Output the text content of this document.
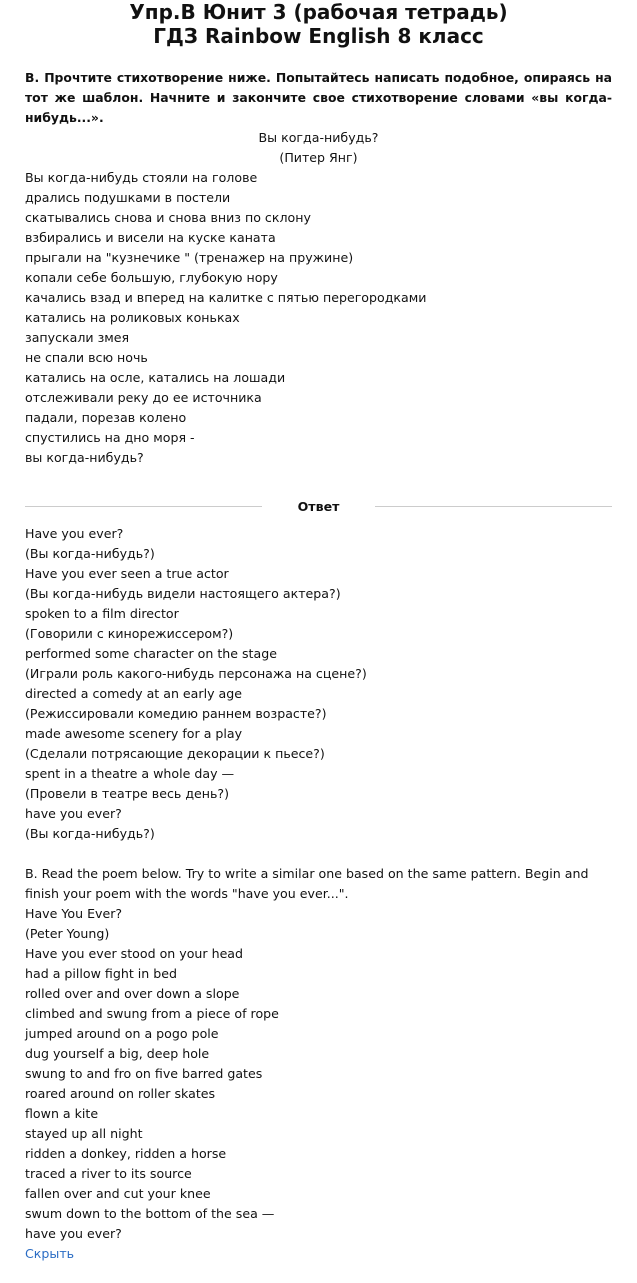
Упр.В Юнит 3 (рабочая тетрадь)
ГДЗ Rainbow English 8 класс

B. Прочтите стихотворение ниже. Попытайтесь написать подобное, опираясь на тот же шаблон. Начните и закончите свое стихотворение словами «вы когда-нибудь...».

Вы когда-нибудь?
(Питер Янг)
Вы когда-нибудь стояли на голове
дрались подушками в постели
скатывались снова и снова вниз по склону
взбирались и висели на куске каната
прыгали на "кузнечике " (тренажер на пружине)
копали себе большую, глубокую нору
качались взад и вперед на калитке с пятью перегородками
катались на роликовых коньках
запускали змея
не спали всю ночь
катались на осле, катались на лошади
отслеживали реку до ее источника
падали, порезав колено
спустились на дно моря -
вы когда-нибудь?
Ответ
Have you ever?
(Вы когда-нибудь?)
Have you ever seen a true actor
(Вы когда-нибудь видели настоящего актера?)
spoken to a film director
(Говорили с кинорежиссером?)
performed some character on the stage
(Играли роль какого-нибудь персонажа на сцене?)
directed a comedy at an early age
(Режиссировали комедию раннем возрасте?)
made awesome scenery for a play
(Сделали потрясающие декорации к пьесе?)
spent in a theatre a whole day —
(Провели в театре весь день?)
have you ever?
(Вы когда-нибудь?)
B. Read the poem below. Try to write a similar one based on the same pattern. Begin and finish your poem with the words "have you ever...".
Have You Ever?
(Peter Young)
Have you ever stood on your head
had a pillow fight in bed
rolled over and over down a slope
climbed and swung from a piece of rope
jumped around on a pogo pole
dug yourself a big, deep hole
swung to and fro on five barred gates
roared around on roller skates
flown a kite
stayed up all night
ridden a donkey, ridden a horse
traced a river to its source
fallen over and cut your knee
swum down to the bottom of the sea —
have you ever?
Скрыть
